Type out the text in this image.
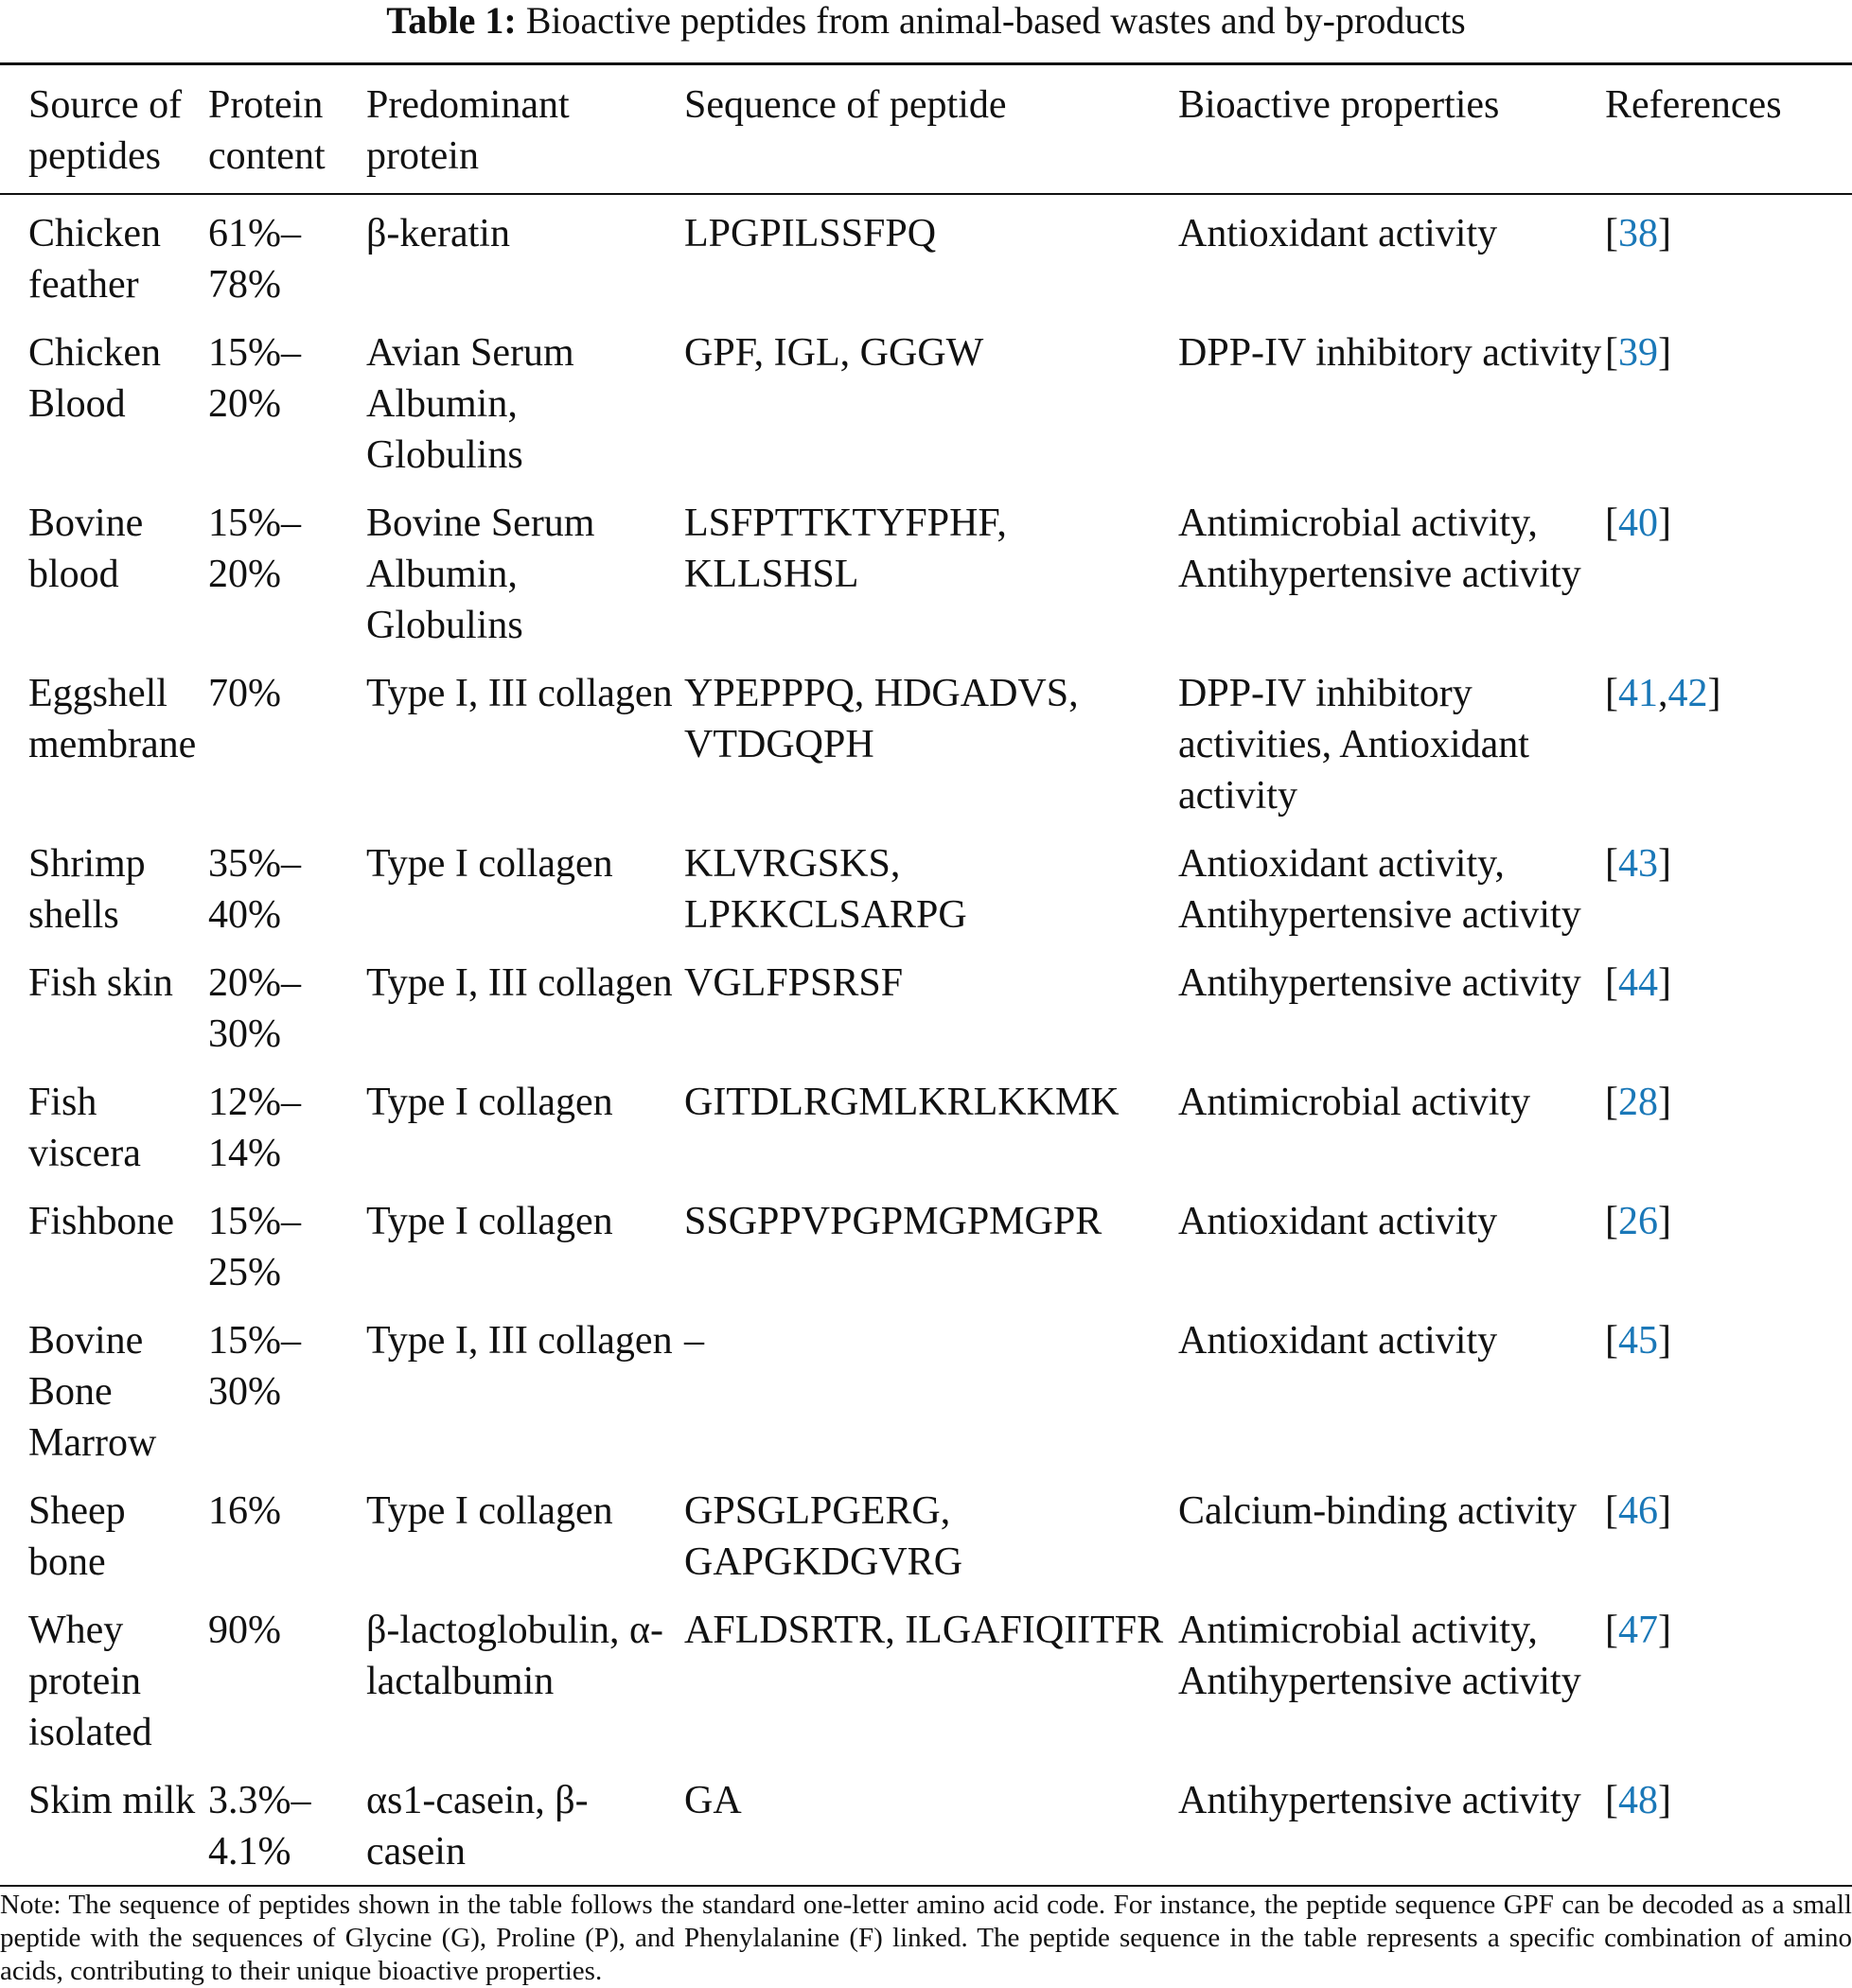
Table 1: Bioactive peptides from animal-based wastes and by-products
Source of peptides	Protein content	Predominant protein	Sequence of peptide	Bioactive properties	References
Chicken feather	61%–78%	β-keratin	LPGPILSSFPQ	Antioxidant activity	[38]
Chicken Blood	15%–20%	Avian Serum Albumin, Globulins	GPF, IGL, GGGW	DPP-IV inhibitory activity	[39]
Bovine blood	15%–20%	Bovine Serum Albumin, Globulins	LSFPTTKTYFPHF, KLLSHSL	Antimicrobial activity, Antihypertensive activity	[40]
Eggshell membrane	70%	Type I, III collagen	YPEPPPQ, HDGADVS, VTDGQPH	DPP-IV inhibitory activities, Antioxidant activity	[41,42]
Shrimp shells	35%–40%	Type I collagen	KLVRGSKS, LPKKCLSARPG	Antioxidant activity, Antihypertensive activity	[43]
Fish skin	20%–30%	Type I, III collagen	VGLFPSRSF	Antihypertensive activity	[44]
Fish viscera	12%–14%	Type I collagen	GITDLRGMLKRLKKMK	Antimicrobial activity	[28]
Fishbone	15%–25%	Type I collagen	SSGPPVPGPMGPMGPR	Antioxidant activity	[26]
Bovine Bone Marrow	15%–30%	Type I, III collagen	–	Antioxidant activity	[45]
Sheep bone	16%	Type I collagen	GPSGLPGERG, GAPGKDGVRG	Calcium-binding activity	[46]
Whey protein isolated	90%	β-lactoglobulin, α-lactalbumin	AFLDSRTR, ILGAFIQIITFR	Antimicrobial activity, Antihypertensive activity	[47]
Skim milk	3.3%–4.1%	αs1-casein, β-casein	GA	Antihypertensive activity	[48]
Note: The sequence of peptides shown in the table follows the standard one-letter amino acid code. For instance, the peptide sequence GPF can be decoded as a small peptide with the sequences of Glycine (G), Proline (P), and Phenylalanine (F) linked. The peptide sequence in the table represents a specific combination of amino acids, contributing to their unique bioactive properties.
